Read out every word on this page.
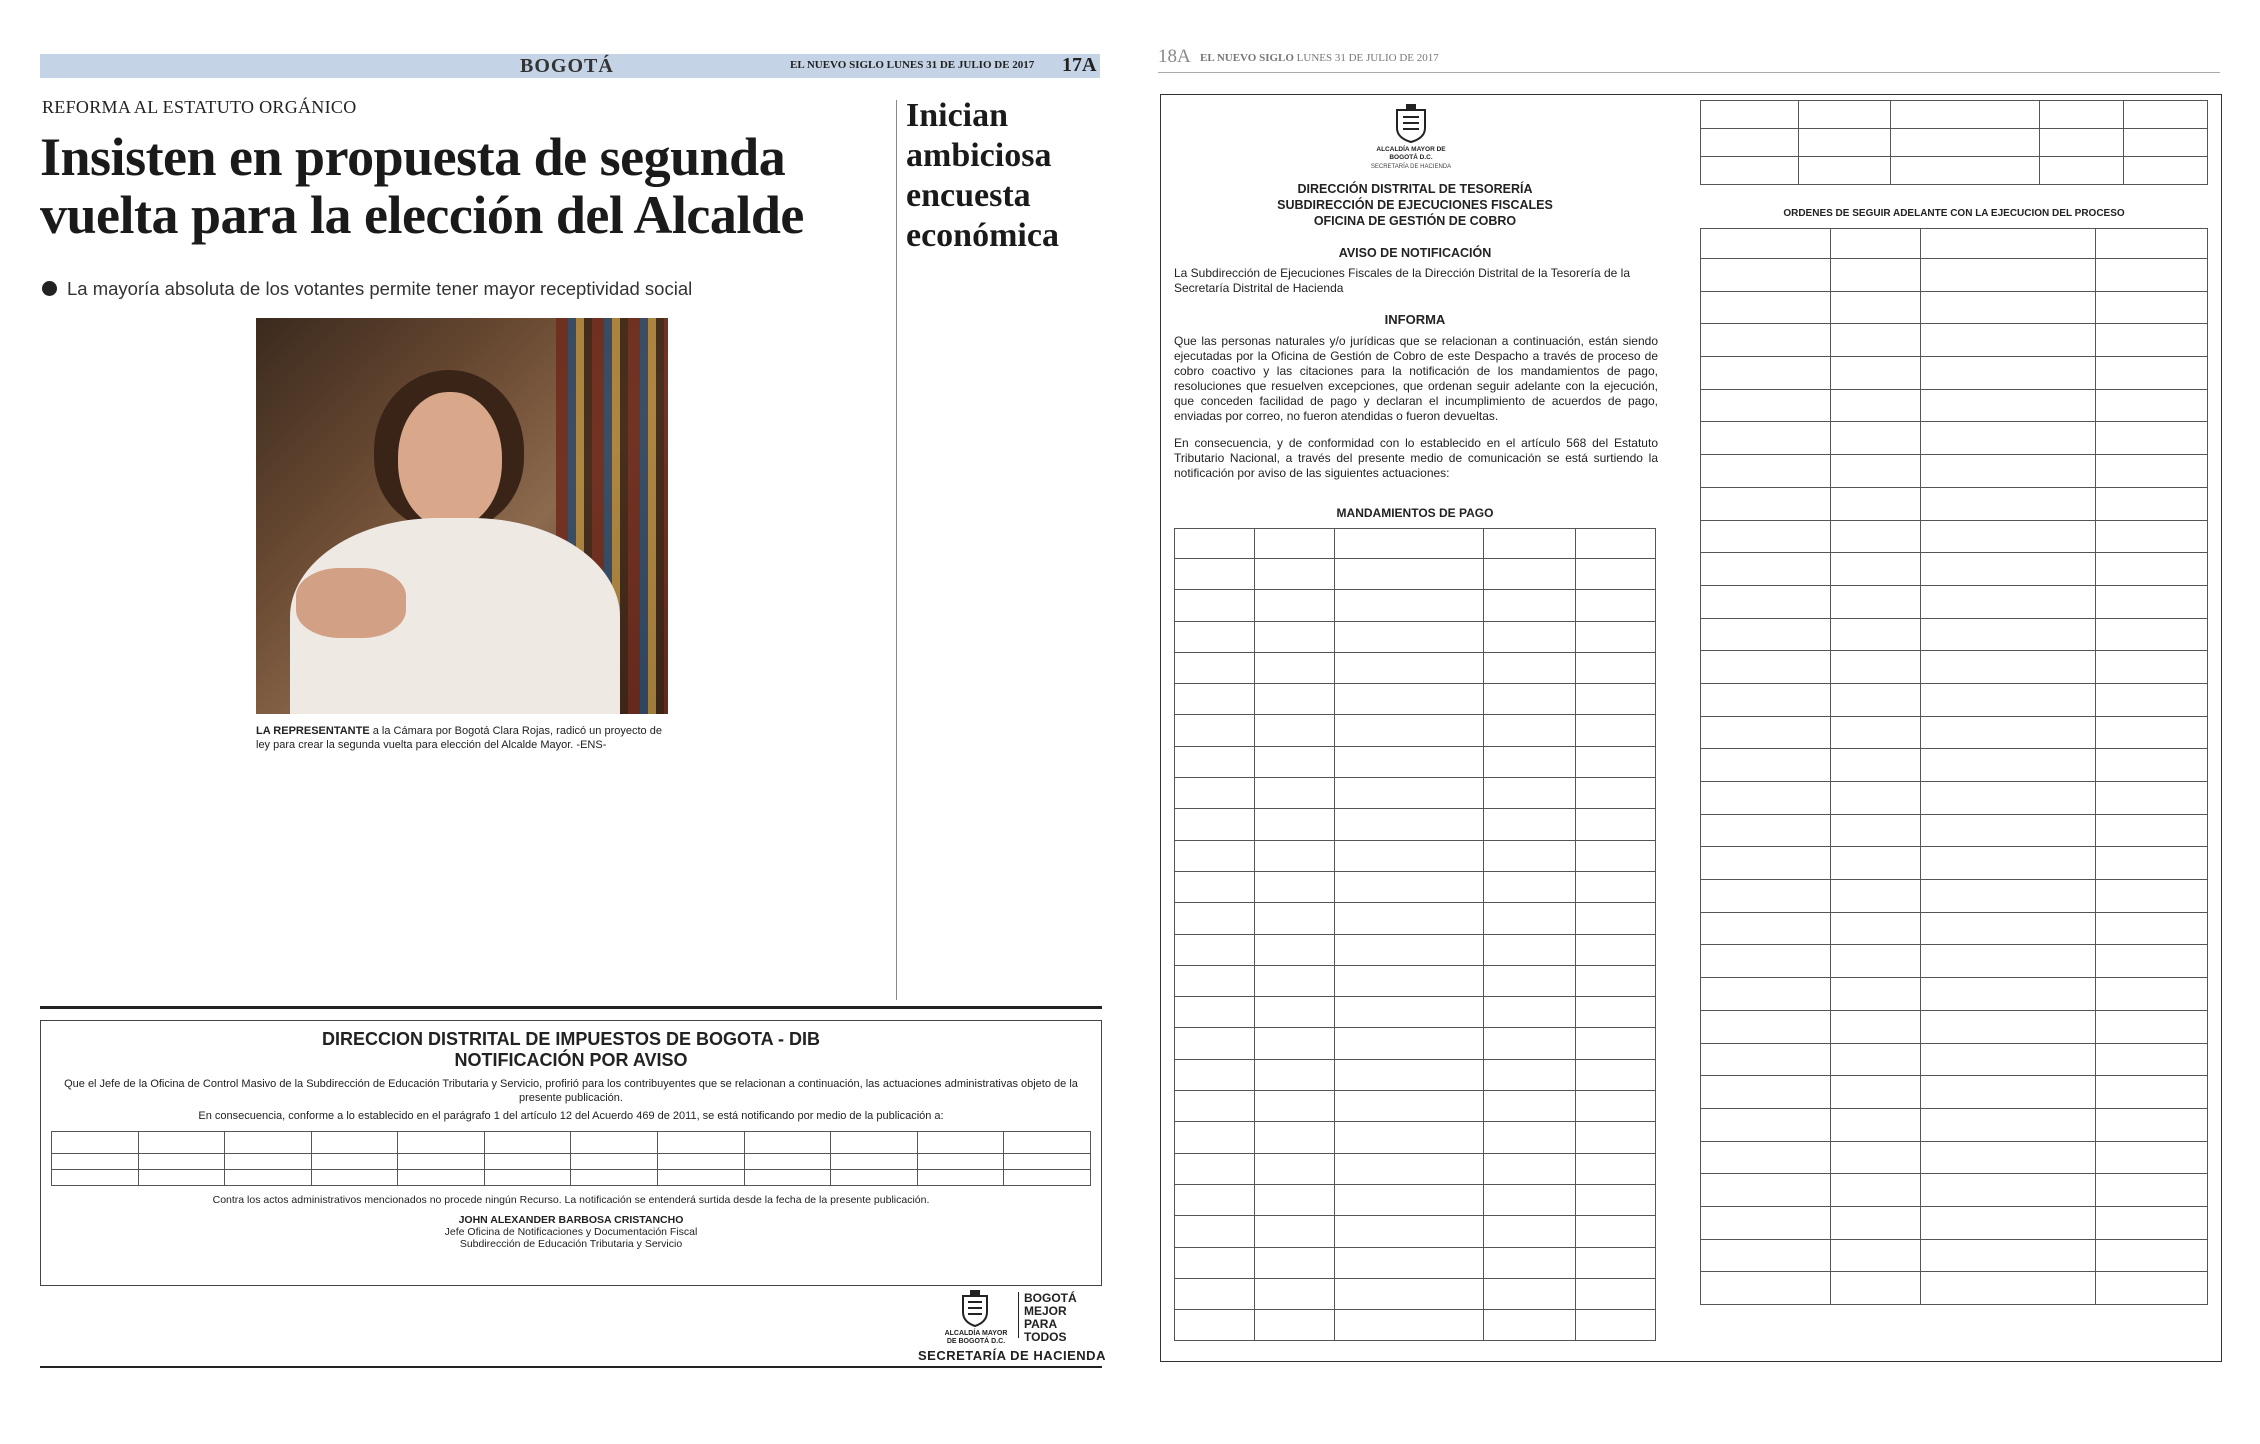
BOGOTÁ	EL NUEVO SIGLO LUNES 31 DE JULIO DE 2017 17A
REFORMA AL ESTATUTO ORGÁNICO
Insisten en propuesta de segunda vuelta para la elección del Alcalde
La mayoría absoluta de los votantes permite tener mayor receptividad social

LA REPRESENTANTE a la Cámara por Bogotá Clara Rojas, radicó un proyecto de ley para crear la segunda vuelta para elección del Alcalde Mayor. -ENS-

Inician ambiciosa encuesta económica

DIRECCION DISTRITAL DE IMPUESTOS DE BOGOTA - DIB
NOTIFICACIÓN POR AVISO
Que el Jefe de la Oficina de Control Masivo de la Subdirección de Educación Tributaria y Servicio, profirió para los contribuyentes que se relacionan a continuación, las actuaciones administrativas objeto de la presente publicación.
En consecuencia, conforme a lo establecido en el parágrafo 1 del artículo 12 del Acuerdo 469 de 2011, se está notificando por medio de la publicación a:

Contra los actos administrativos mencionados no procede ningún Recurso. La notificación se entenderá surtida desde la fecha de la presente publicación.
JOHN ALEXANDER BARBOSA CRISTANCHO
Jefe Oficina de Notificaciones y Documentación Fiscal
Subdirección de Educación Tributaria y Servicio
ALCALDÍA MAYOR DE BOGOTÁ D.C.
BOGOTÁ MEJOR PARA TODOS
SECRETARÍA DE HACIENDA
18A EL NUEVO SIGLO LUNES 31 DE JULIO DE 2017
ALCALDÍA MAYOR DE BOGOTÁ D.C.
SECRETARÍA DE HACIENDA
DIRECCIÓN DISTRITAL DE TESORERÍA
SUBDIRECCIÓN DE EJECUCIONES FISCALES
OFICINA DE GESTIÓN DE COBRO
AVISO DE NOTIFICACIÓN
La Subdirección de Ejecuciones Fiscales de la Dirección Distrital de la Tesorería de la Secretaría Distrital de Hacienda
INFORMA
Que las personas naturales y/o jurídicas que se relacionan a continuación, están siendo ejecutadas por la Oficina de Gestión de Cobro de este Despacho a través de proceso de cobro coactivo y las citaciones para la notificación de los mandamientos de pago, resoluciones que resuelven excepciones, que ordenan seguir adelante con la ejecución, que conceden facilidad de pago y declaran el incumplimiento de acuerdos de pago, enviadas por correo, no fueron atendidas o fueron devueltas.
En consecuencia, y de conformidad con lo establecido en el artículo 568 del Estatuto Tributario Nacional, a través del presente medio de comunicación se está surtiendo la notificación por aviso de las siguientes actuaciones:
MANDAMIENTOS DE PAGO

ORDENES DE SEGUIR ADELANTE CON LA EJECUCION DEL PROCESO
